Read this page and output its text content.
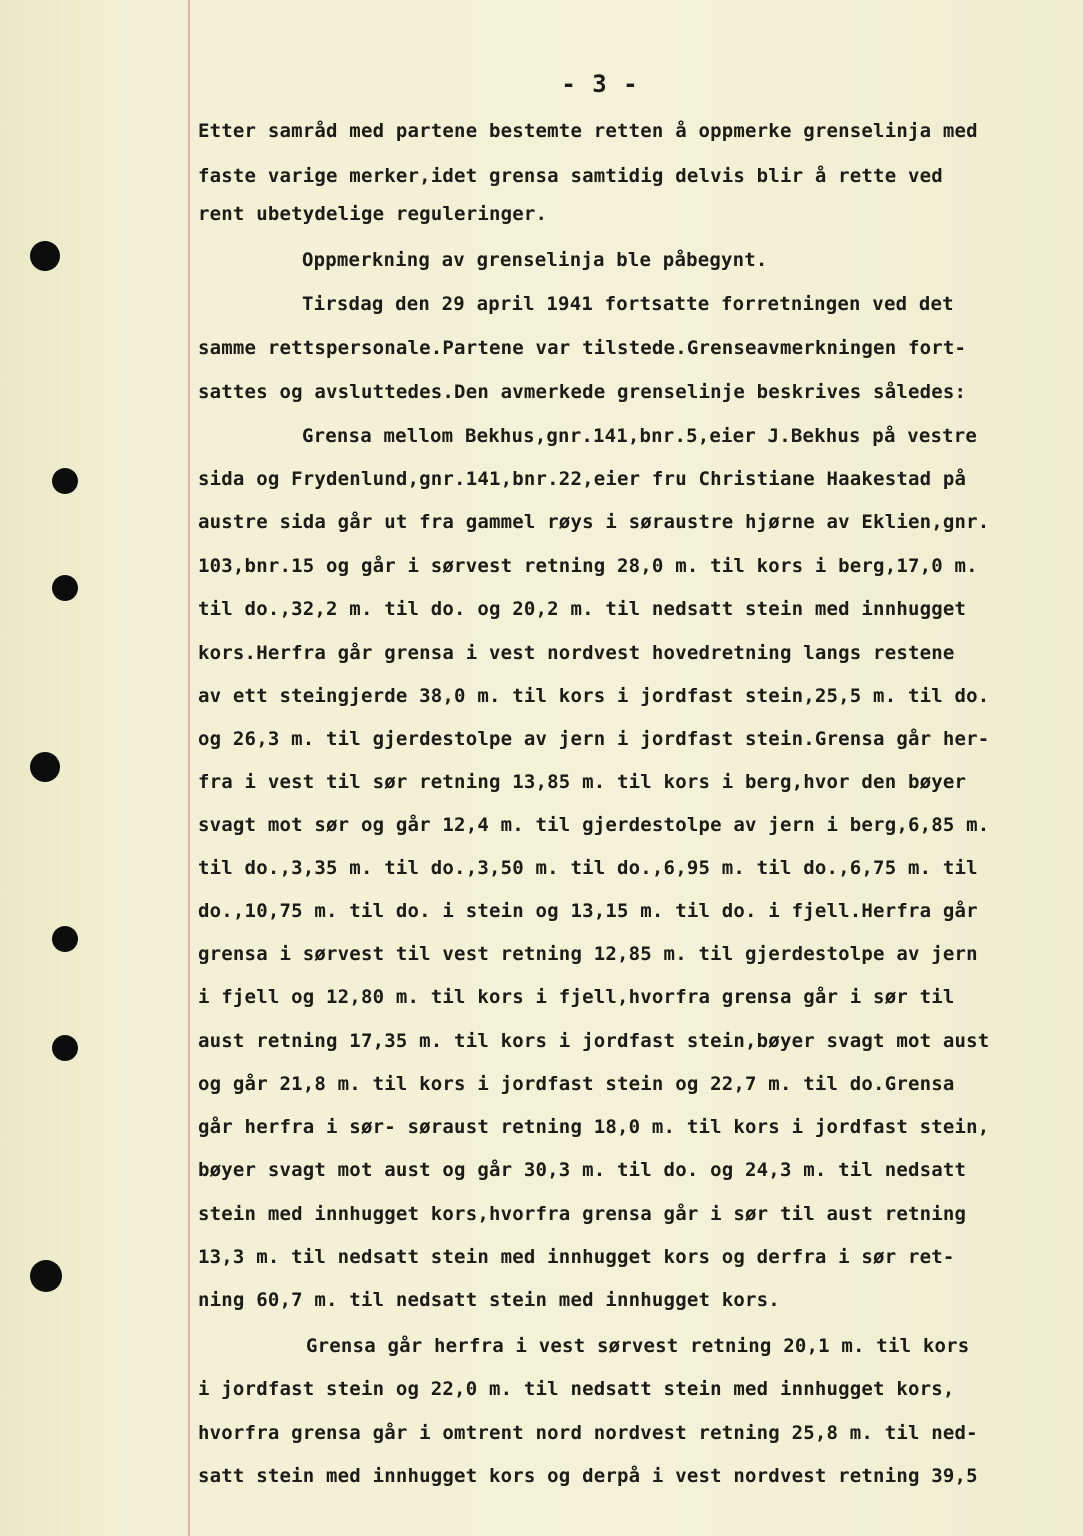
- 3 -
Etter samråd med partene bestemte retten å oppmerke grenselinja med
faste varige merker,idet grensa samtidig delvis blir å rette ved
rent ubetydelige reguleringer.
Oppmerkning av grenselinja ble påbegynt.
Tirsdag den 29 april 1941 fortsatte forretningen ved det
samme rettspersonale.Partene var tilstede.Grenseavmerkningen fort-
sattes og avsluttedes.Den avmerkede grenselinje beskrives således:
Grensa mellom Bekhus,gnr.141,bnr.5,eier J.Bekhus på vestre
sida og Frydenlund,gnr.141,bnr.22,eier fru Christiane Haakestad på
austre sida går ut fra gammel røys i søraustre hjørne av Eklien,gnr.
103,bnr.15 og går i sørvest retning 28,0 m. til kors i berg,17,0 m.
til do.,32,2 m. til do. og 20,2 m. til nedsatt stein med innhugget
kors.Herfra går grensa i vest nordvest hovedretning langs restene
av ett steingjerde 38,0 m. til kors i jordfast stein,25,5 m. til do.
og 26,3 m. til gjerdestolpe av jern i jordfast stein.Grensa går her-
fra i vest til sør retning 13,85 m. til kors i berg,hvor den bøyer
svagt mot sør og går 12,4 m. til gjerdestolpe av jern i berg,6,85 m.
til do.,3,35 m. til do.,3,50 m. til do.,6,95 m. til do.,6,75 m. til
do.,10,75 m. til do. i stein og 13,15 m. til do. i fjell.Herfra går
grensa i sørvest til vest retning 12,85 m. til gjerdestolpe av jern
i fjell og 12,80 m. til kors i fjell,hvorfra grensa går i sør til
aust retning 17,35 m. til kors i jordfast stein,bøyer svagt mot aust
og går 21,8 m. til kors i jordfast stein og 22,7 m. til do.Grensa
går herfra i sør- søraust retning 18,0 m. til kors i jordfast stein,
bøyer svagt mot aust og går 30,3 m. til do. og 24,3 m. til nedsatt
stein med innhugget kors,hvorfra grensa går i sør til aust retning
13,3 m. til nedsatt stein med innhugget kors og derfra i sør ret-
ning 60,7 m. til nedsatt stein med innhugget kors.
Grensa går herfra i vest sørvest retning 20,1 m. til kors
i jordfast stein og 22,0 m. til nedsatt stein med innhugget kors,
hvorfra grensa går i omtrent nord nordvest retning 25,8 m. til ned-
satt stein med innhugget kors og derpå i vest nordvest retning 39,5
